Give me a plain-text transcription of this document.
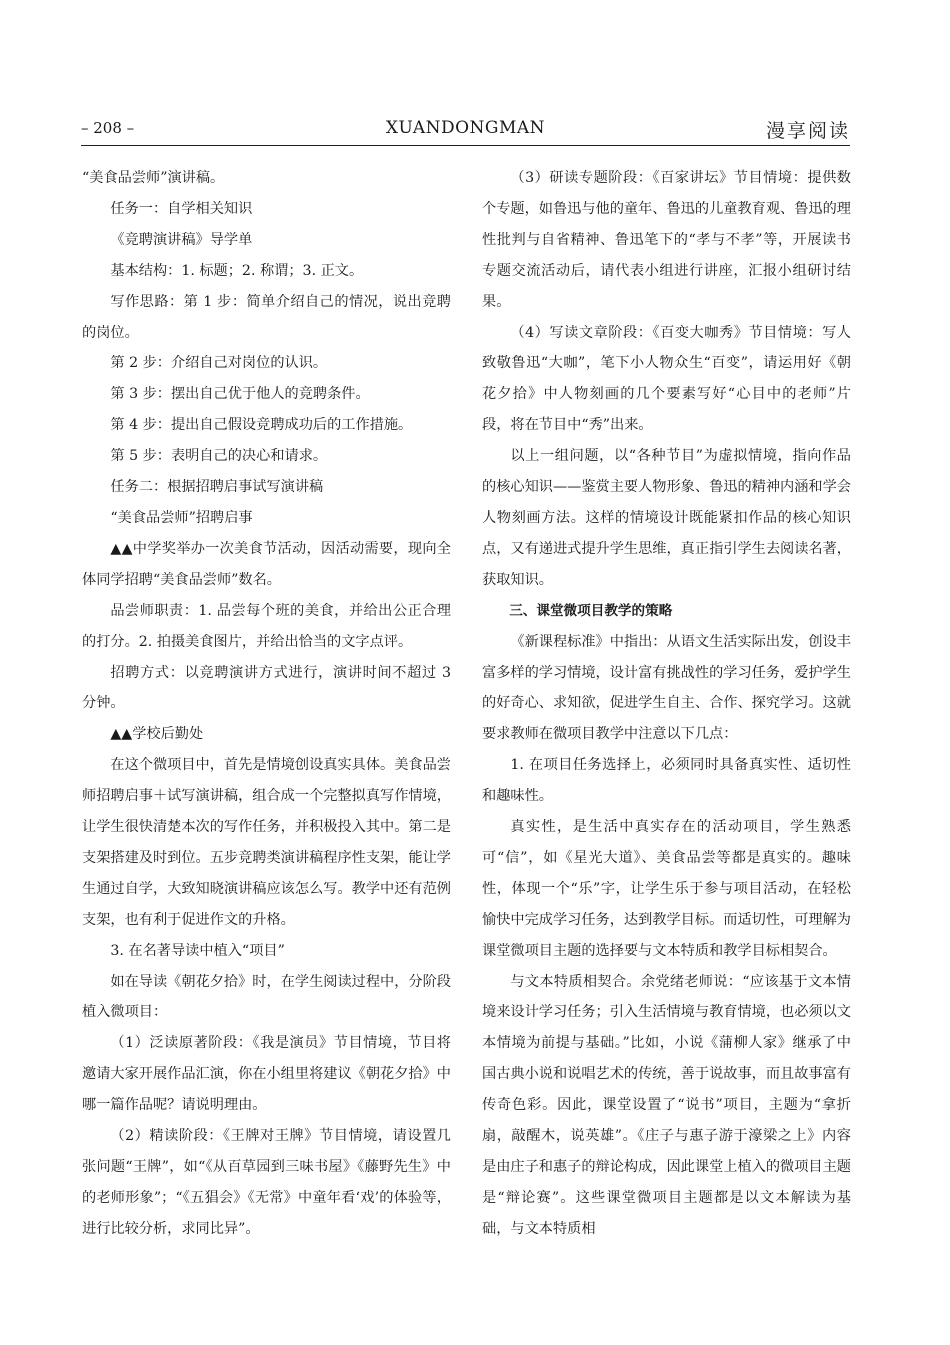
– 208 –	XUANDONGMAN	漫享阅读

“美食品尝师”演讲稿。

任务一：自学相关知识

《竞聘演讲稿》导学单

基本结构：1. 标题；2. 称谓；3. 正文。

写作思路：第 1 步：简单介绍自己的情况，说出竞聘的岗位。

第 2 步：介绍自己对岗位的认识。

第 3 步：摆出自己优于他人的竞聘条件。

第 4 步：提出自己假设竞聘成功后的工作措施。

第 5 步：表明自己的决心和请求。

任务二：根据招聘启事试写演讲稿

“美食品尝师”招聘启事

▲▲中学奖举办一次美食节活动，因活动需要，现向全体同学招聘“美食品尝师”数名。

品尝师职责：1. 品尝每个班的美食，并给出公正合理的打分。2. 拍摄美食图片，并给出恰当的文字点评。

招聘方式：以竞聘演讲方式进行，演讲时间不超过 3 分钟。

▲▲学校后勤处

在这个微项目中，首先是情境创设真实具体。美食品尝师招聘启事＋试写演讲稿，组合成一个完整拟真写作情境，让学生很快清楚本次的写作任务，并积极投入其中。第二是支架搭建及时到位。五步竞聘类演讲稿程序性支架，能让学生通过自学，大致知晓演讲稿应该怎么写。教学中还有范例支架，也有利于促进作文的升格。

3. 在名著导读中植入“项目”

如在导读《朝花夕拾》时，在学生阅读过程中，分阶段植入微项目：

（1）泛读原著阶段：《我是演员》节目情境，节目将邀请大家开展作品汇演，你在小组里将建议《朝花夕拾》中哪一篇作品呢？请说明理由。

（2）精读阶段：《王牌对王牌》节目情境，请设置几张问题“王牌”，如“《从百草园到三味书屋》《藤野先生》中的老师形象”；“《五猖会》《无常》中童年看‘戏’的体验等，进行比较分析，求同比异”。

（3）研读专题阶段：《百家讲坛》节目情境：提供数个专题，如鲁迅与他的童年、鲁迅的儿童教育观、鲁迅的理性批判与自省精神、鲁迅笔下的“孝与不孝”等，开展读书专题交流活动后，请代表小组进行讲座，汇报小组研讨结果。

（4）写读文章阶段：《百变大咖秀》节目情境：写人致敬鲁迅“大咖”，笔下小人物众生“百变”，请运用好《朝花夕拾》中人物刻画的几个要素写好“心目中的老师”片段，将在节目中“秀”出来。

以上一组问题，以“各种节目”为虚拟情境，指向作品的核心知识——鉴赏主要人物形象、鲁迅的精神内涵和学会人物刻画方法。这样的情境设计既能紧扣作品的核心知识点，又有递进式提升学生思维，真正指引学生去阅读名著，获取知识。

三、课堂微项目教学的策略

《新课程标准》中指出：从语文生活实际出发，创设丰富多样的学习情境，设计富有挑战性的学习任务，爱护学生的好奇心、求知欲，促进学生自主、合作、探究学习。这就要求教师在微项目教学中注意以下几点：

1. 在项目任务选择上，必须同时具备真实性、适切性和趣味性。

真实性，是生活中真实存在的活动项目，学生熟悉可“信”，如《星光大道》、美食品尝等都是真实的。趣味性，体现一个“乐”字，让学生乐于参与项目活动，在轻松愉快中完成学习任务，达到教学目标。而适切性，可理解为课堂微项目主题的选择要与文本特质和教学目标相契合。

与文本特质相契合。余党绪老师说：“应该基于文本情境来设计学习任务；引入生活情境与教育情境，也必须以文本情境为前提与基础。”比如，小说《蒲柳人家》继承了中国古典小说和说唱艺术的传统，善于说故事，而且故事富有传奇色彩。因此，课堂设置了“说书”项目，主题为“拿折扇，敲醒木，说英雄”。《庄子与惠子游于濠梁之上》内容是由庄子和惠子的辩论构成，因此课堂上植入的微项目主题是“辩论赛”。这些课堂微项目主题都是以文本解读为基础，与文本特质相
